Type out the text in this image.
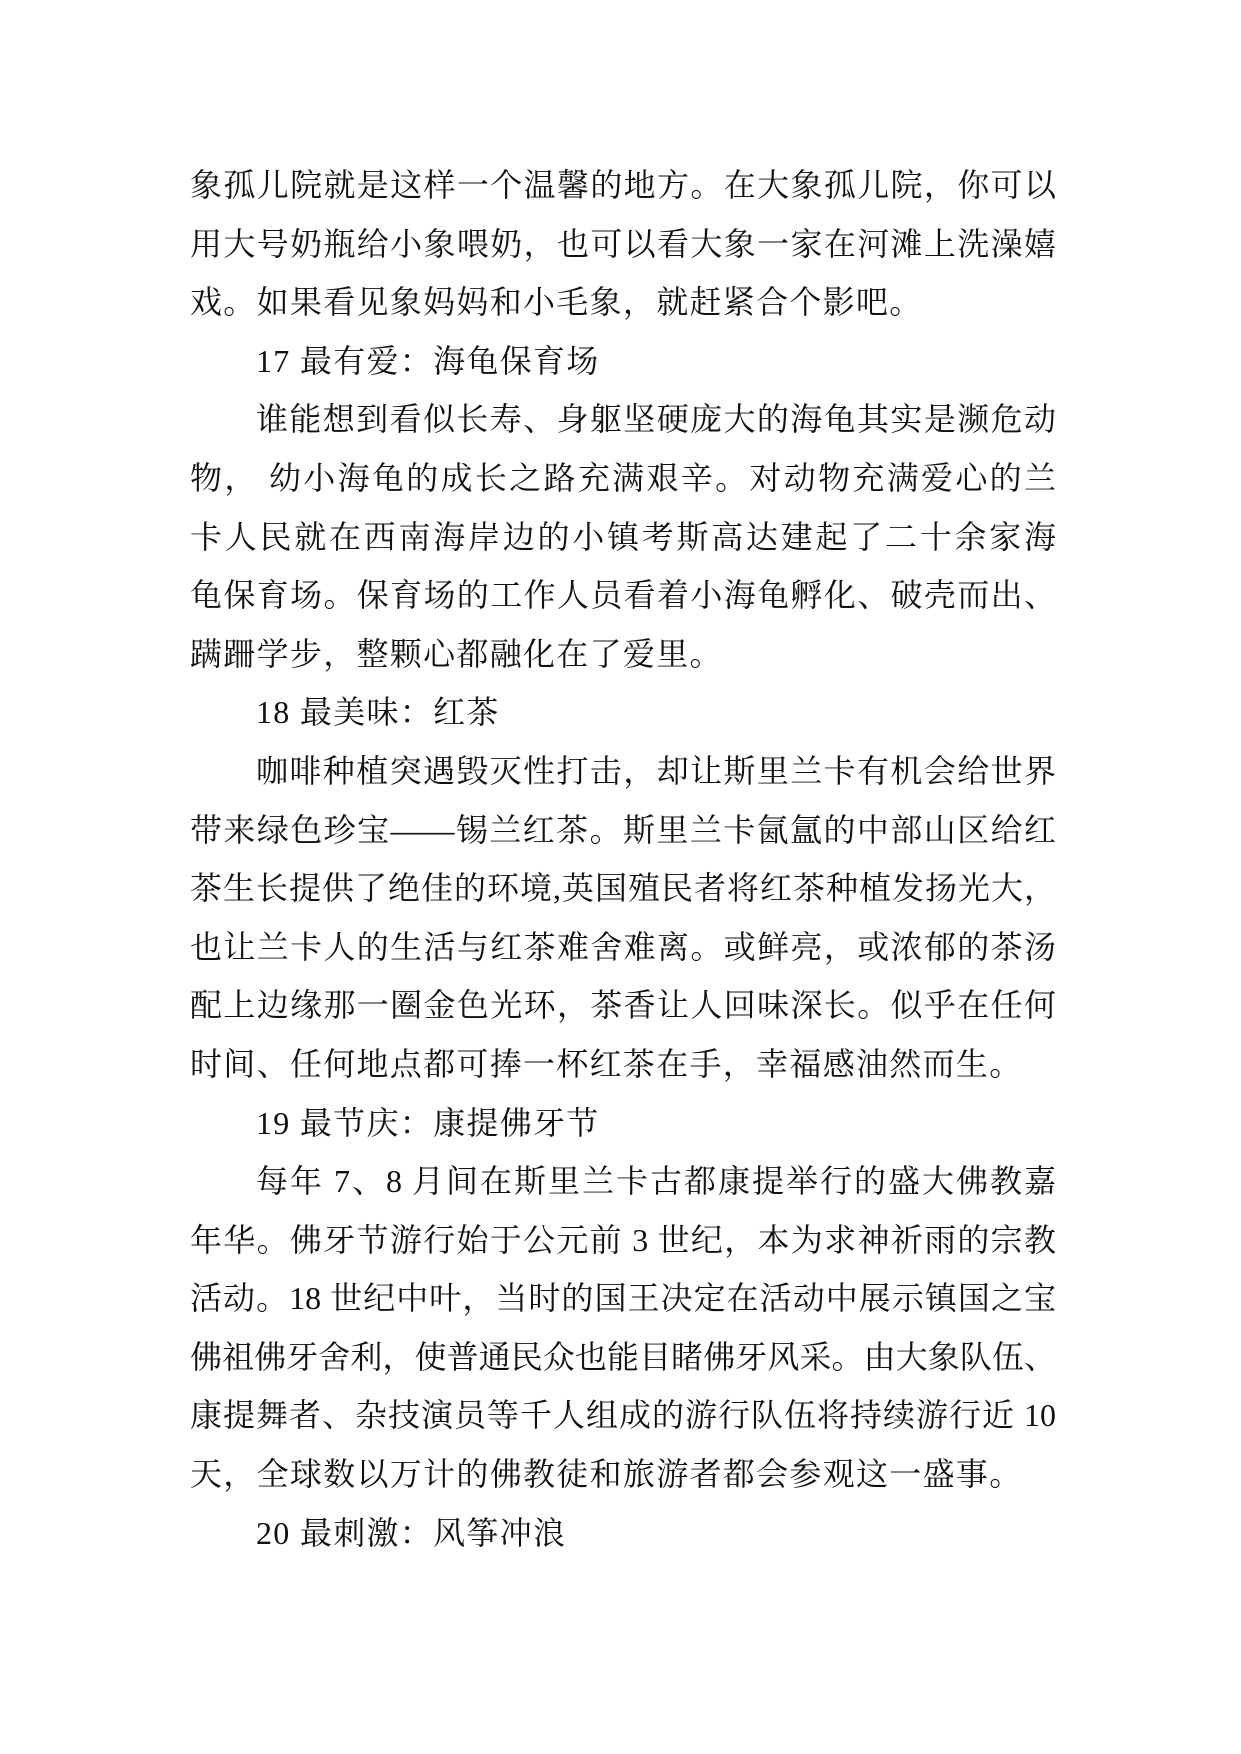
象孤儿院就是这样一个温馨的地方。在大象孤儿院，你可以
用大号奶瓶给小象喂奶，也可以看大象一家在河滩上洗澡嬉
戏。如果看见象妈妈和小毛象，就赶紧合个影吧。
17 最有爱：海龟保育场
谁能想到看似长寿、身躯坚硬庞大的海龟其实是濒危动
物， 幼小海龟的成长之路充满艰辛。对动物充满爱心的兰
卡人民就在西南海岸边的小镇考斯高达建起了二十余家海
龟保育场。保育场的工作人员看着小海龟孵化、破壳而出、
蹒跚学步，整颗心都融化在了爱里。
18 最美味：红茶
咖啡种植突遇毁灭性打击，却让斯里兰卡有机会给世界
带来绿色珍宝——锡兰红茶。斯里兰卡氤氲的中部山区给红
茶生长提供了绝佳的环境,英国殖民者将红茶种植发扬光大，
也让兰卡人的生活与红茶难舍难离。或鲜亮，或浓郁的茶汤
配上边缘那一圈金色光环，茶香让人回味深长。似乎在任何
时间、任何地点都可捧一杯红茶在手，幸福感油然而生。
19 最节庆：康提佛牙节
每年 7、8 月间在斯里兰卡古都康提举行的盛大佛教嘉
年华。佛牙节游行始于公元前 3 世纪，本为求神祈雨的宗教
活动。18 世纪中叶，当时的国王决定在活动中展示镇国之宝
佛祖佛牙舍利，使普通民众也能目睹佛牙风采。由大象队伍、
康提舞者、杂技演员等千人组成的游行队伍将持续游行近 10
天，全球数以万计的佛教徒和旅游者都会参观这一盛事。
20 最刺激：风筝冲浪
